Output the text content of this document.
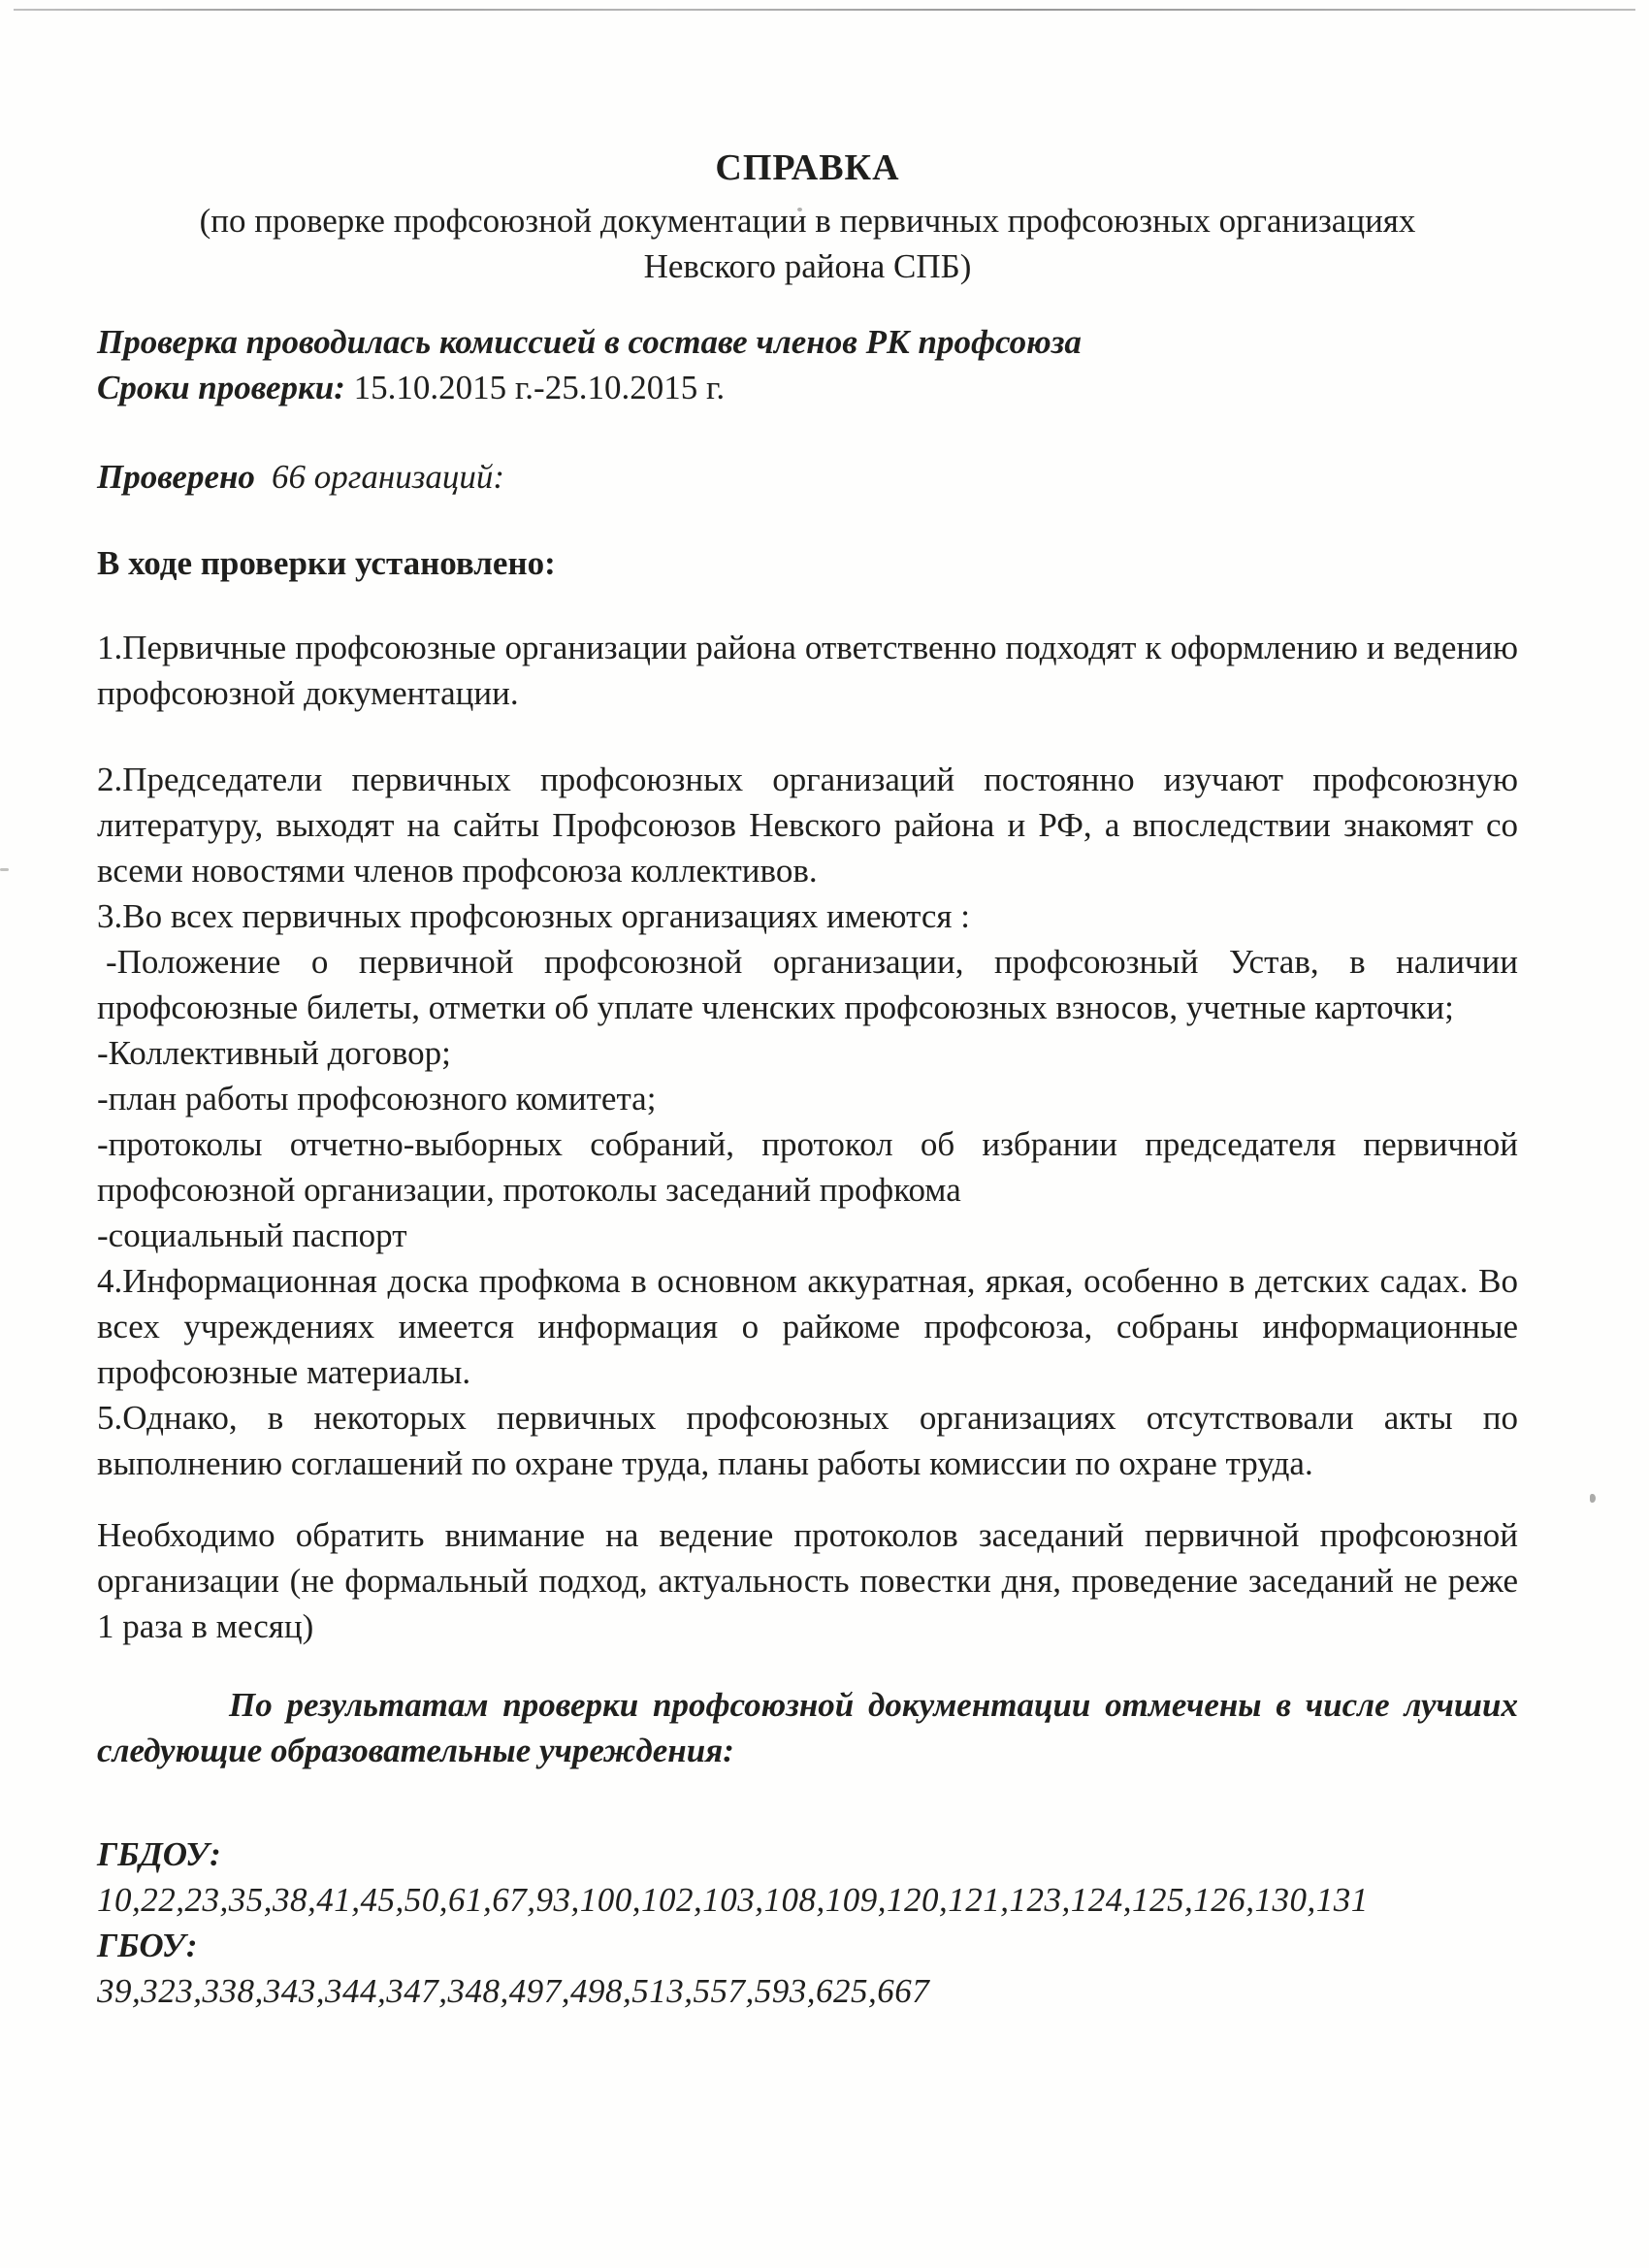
СПРАВКА
(по проверке профсоюзной документации в первичных профсоюзных организациях
Невского района СПБ)
Проверка проводилась комиссией в составе членов РК профсоюза
Сроки проверки: 15.10.2015 г.-25.10.2015 г.
Проверено 66 организаций:
В ходе проверки установлено:
1.Первичные профсоюзные организации района ответственно подходят к оформлению и ведению профсоюзной документации.
2.Председатели первичных профсоюзных организаций постоянно изучают профсоюзную литературу, выходят на сайты Профсоюзов Невского района и РФ, а впоследствии знакомят со всеми новостями членов профсоюза коллективов.
3.Во всех первичных профсоюзных организациях имеются :
-Положение о первичной профсоюзной организации, профсоюзный Устав, в наличии профсоюзные билеты, отметки об уплате членских профсоюзных взносов, учетные карточки;
-Коллективный договор;
-план работы профсоюзного комитета;
-протоколы отчетно-выборных собраний, протокол об избрании председателя первичной профсоюзной организации, протоколы заседаний профкома
-социальный паспорт
4.Информационная доска профкома в основном аккуратная, яркая, особенно в детских садах. Во всех учреждениях имеется информация о райкоме профсоюза, собраны информационные профсоюзные материалы.
5.Однако, в некоторых первичных профсоюзных организациях отсутствовали акты по выполнению соглашений по охране труда, планы работы комиссии по охране труда.
Необходимо обратить внимание на ведение протоколов заседаний первичной профсоюзной организации (не формальный подход, актуальность повестки дня, проведение заседаний не реже 1 раза в месяц)
По результатам проверки профсоюзной документации отмечены в числе лучших следующие образовательные учреждения:
ГБДОУ:
10,22,23,35,38,41,45,50,61,67,93,100,102,103,108,109,120,121,123,124,125,126,130,131
ГБОУ:
39,323,338,343,344,347,348,497,498,513,557,593,625,667
